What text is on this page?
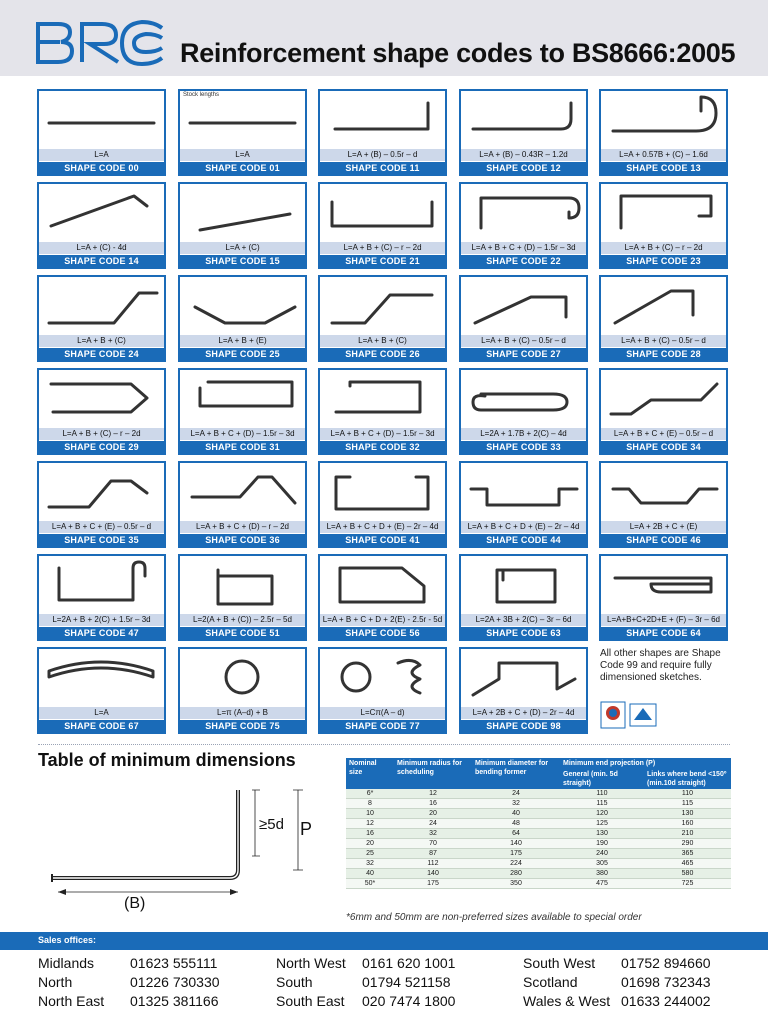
Reinforcement shape codes to BS8666:2005
L=A
SHAPE CODE 00
Stock lengths
L=A
SHAPE CODE 01
L=A + (B) – 0.5r – d
SHAPE CODE 11
L=A + (B) – 0.43R – 1.2d
SHAPE CODE 12
L=A + 0.57B + (C) – 1.6d
SHAPE CODE 13
L=A + (C) - 4d
SHAPE CODE 14
L=A + (C)
SHAPE CODE 15
L=A + B + (C) – r – 2d
SHAPE CODE 21
L=A + B + C + (D) – 1.5r – 3d
SHAPE CODE 22
L=A + B + (C) – r – 2d
SHAPE CODE 23
L=A + B + (C)
SHAPE CODE 24
L=A + B + (E)
SHAPE CODE 25
L=A + B + (C)
SHAPE CODE 26
L=A + B + (C) – 0.5r – d
SHAPE CODE 27
L=A + B + (C) – 0.5r – d
SHAPE CODE 28
L=A + B + (C) – r – 2d
SHAPE CODE 29
L=A + B + C + (D) – 1.5r – 3d
SHAPE CODE 31
L=A + B + C + (D) – 1.5r – 3d
SHAPE CODE 32
L=2A + 1.7B + 2(C) – 4d
SHAPE CODE 33
L=A + B + C + (E) – 0.5r – d
SHAPE CODE 34
L=A + B + C + (E) – 0.5r – d
SHAPE CODE 35
L=A + B + C + (D) – r – 2d
SHAPE CODE 36
L=A + B + C + D + (E) – 2r – 4d
SHAPE CODE 41
L=A + B + C + D + (E) – 2r – 4d
SHAPE CODE 44
L=A + 2B + C + (E)
SHAPE CODE 46
L=2A + B + 2(C) + 1.5r – 3d
SHAPE CODE 47
L=2(A + B + (C)) – 2.5r – 5d
SHAPE CODE 51
L=A + B + C + D + 2(E) - 2.5r - 5d
SHAPE CODE 56
L=2A + 3B + 2(C) – 3r – 6d
SHAPE CODE 63
L=A+B+C+2D+E + (F) – 3r – 6d
SHAPE CODE 64
L=A
SHAPE CODE 67
L=π (A–d) + B
SHAPE CODE 75
L=Cπ(A – d)
SHAPE CODE 77
L=A + 2B + C + (D) – 2r – 4d
SHAPE CODE 98
All other shapes are Shape Code 99 and require fully dimensioned sketches.
Table of minimum dimensions
≥5d P
(B)
Nominal size	Minimum radius for scheduling	Minimum diameter for bending former	Minimum end projection (P)	
			General (min. 5d straight)	Links where bend <150º (min.10d straight)
6*	12	24	110	110
8	16	32	115	115
10	20	40	120	130
12	24	48	125	160
16	32	64	130	210
20	70	140	190	290
25	87	175	240	365
32	112	224	305	465
40	140	280	380	580
50*	175	350	475	725
*6mm and 50mm are non-preferred sizes available to special order
Sales offices:
Midlands	01623 555111
North	01226 730330
North East 01325 381166
North West 0161 620 1001
South	01794 521158
South East 020 7474 1800
South West 01752 894660
Scotland	01698 732343
Wales & West 01633 244002
